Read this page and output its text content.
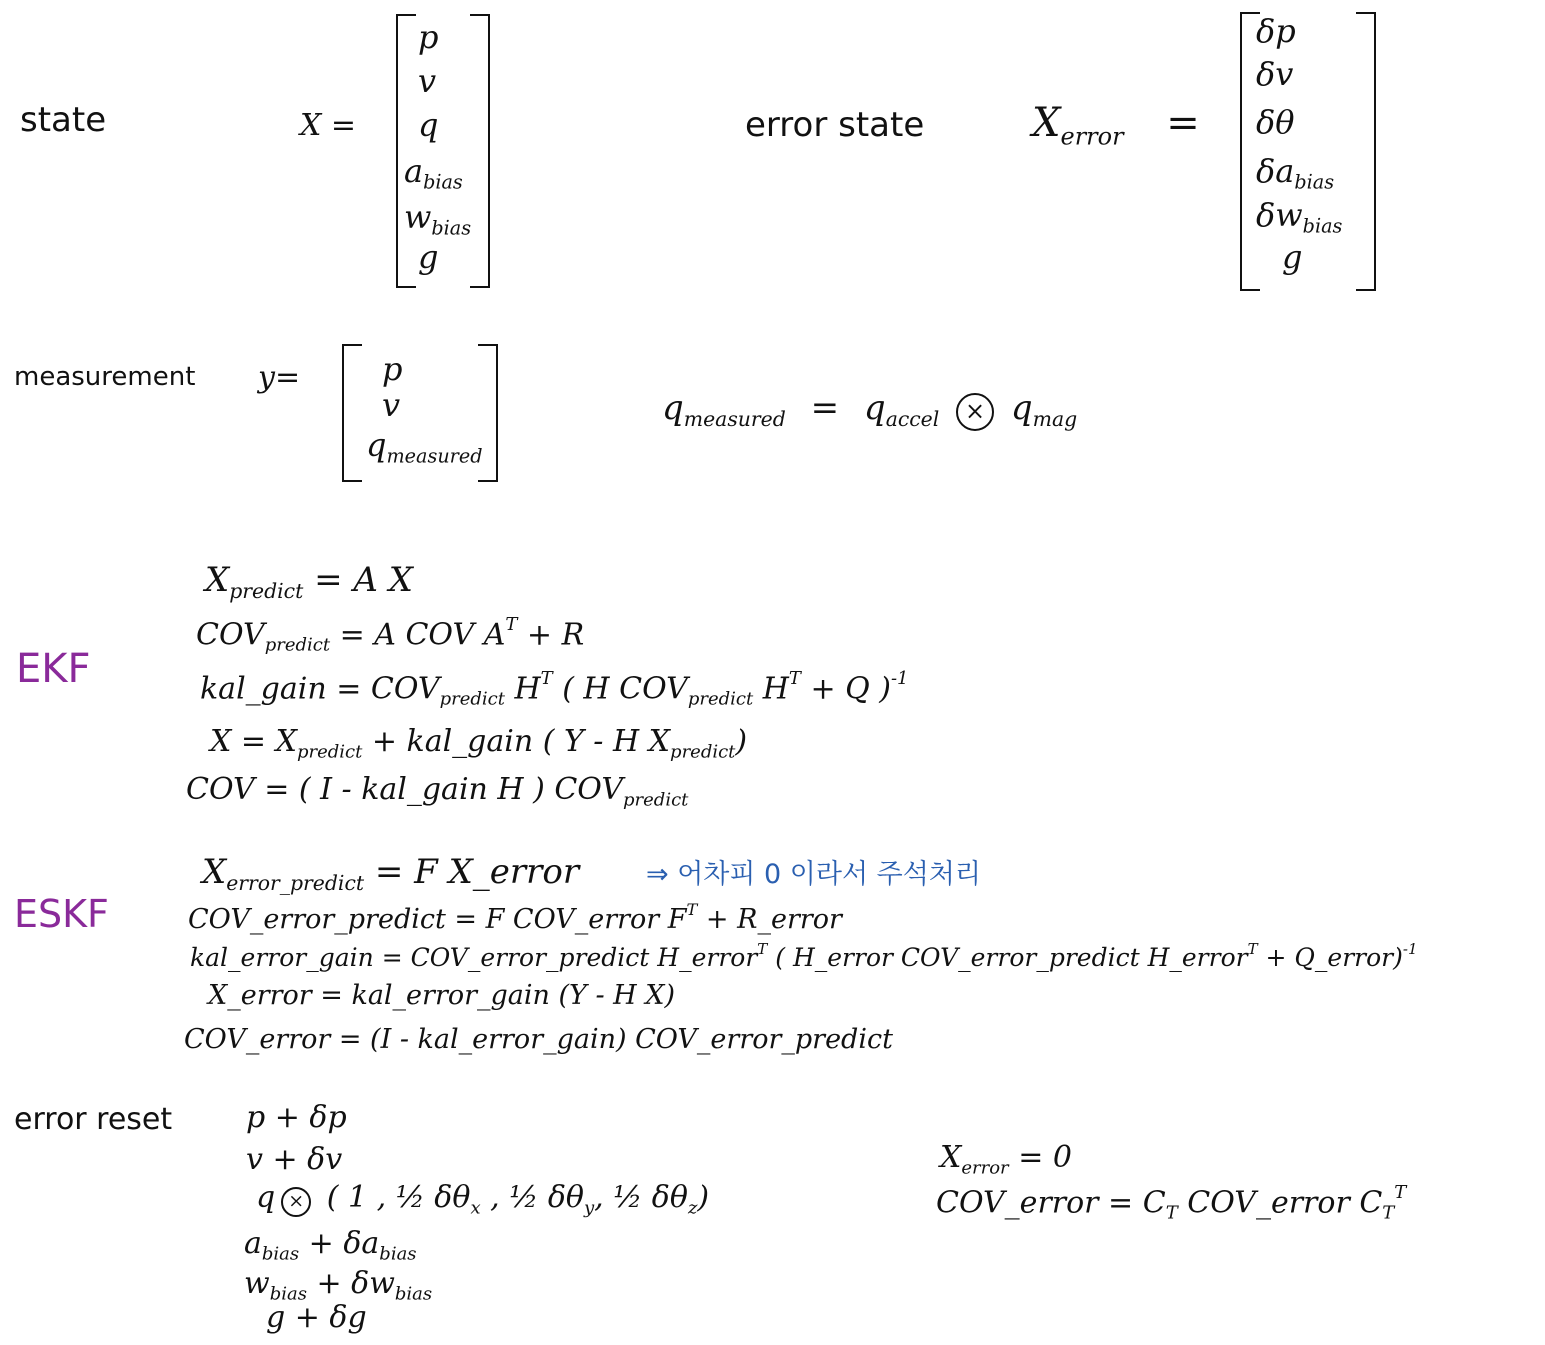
state	X =
p
v
q
$a_{bias}$
$w_{bias}$
g
error state	$X_{error}$ =
δp
δv
δθ
$\delta a_{bias}$
$\delta w_{bias}$
g
measurement y=	p
v
$q_{measured}$
$q_{measured} = q_{accel} \times q_{mag}$
EKF
$X_{predict} = A$ X
$COV_{predict} = A$ COV $A^T + R$
kal_gain = $COV_{predict}$ $H^T$ ( H $COV_{predict}$ $H^T + Q$ )$^{-1}$
$X = X_{predict}$ + kal_gain ( Y - H $X_{predict}$)
COV = ( I - kal_gain H ) $COV_{predict}$
ESKF
$X_{error\_predict} = F$ X_error ⇒ 어차피 0 이라서 주석처리
COV_error_predict = F COV_error $F^T$ + R_error
kal_error_gain = COV_error_predict H_error$^T$ ( H_error COV_error_predict H_error$^T$ + Q_error)$^{-1}$
X_error = kal_error_gain (Y - H X)
COV_error = (I - kal_error_gain) COV_error_predict
error reset p + δp
v + δv
q × ( 1 , ½ $\delta\theta_x$ , ½ $\delta\theta_y$, ½ $\delta\theta_z$)
$a_{bias} + \delta a_{bias}$
$w_{bias} + \delta w_{bias}$
g + δg
$X_{error} = 0$
COV_error = $C_T$ COV_error $C_T^T$
